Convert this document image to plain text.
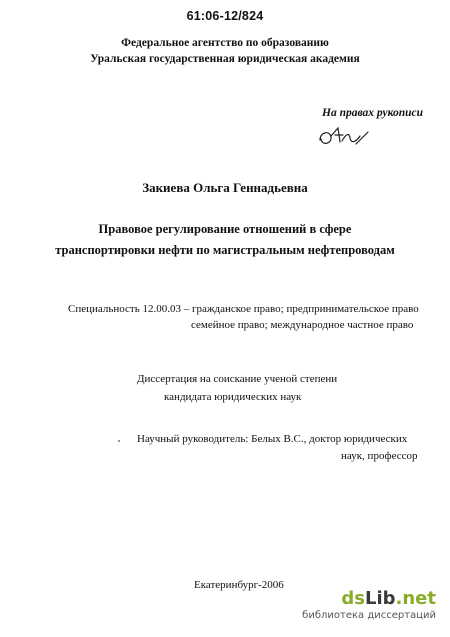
61:06-12/824
Федеральное агентство по образованию
Уральская государственная юридическая академия
На правах рукописи
Закиева Ольга Геннадьевна
Правовое регулирование отношений в сфере
транспортировки нефти по магистральным нефтепроводам
Специальность 12.00.03 – гражданское право; предпринимательское право
семейное право; международное частное право
Диссертация на соискание ученой степени
кандидата юридических наук
Научный руководитель: Белых В.С., доктор юридических
наук, профессор
Екатеринбург-2006
dsLib.net
библиотека диссертаций
